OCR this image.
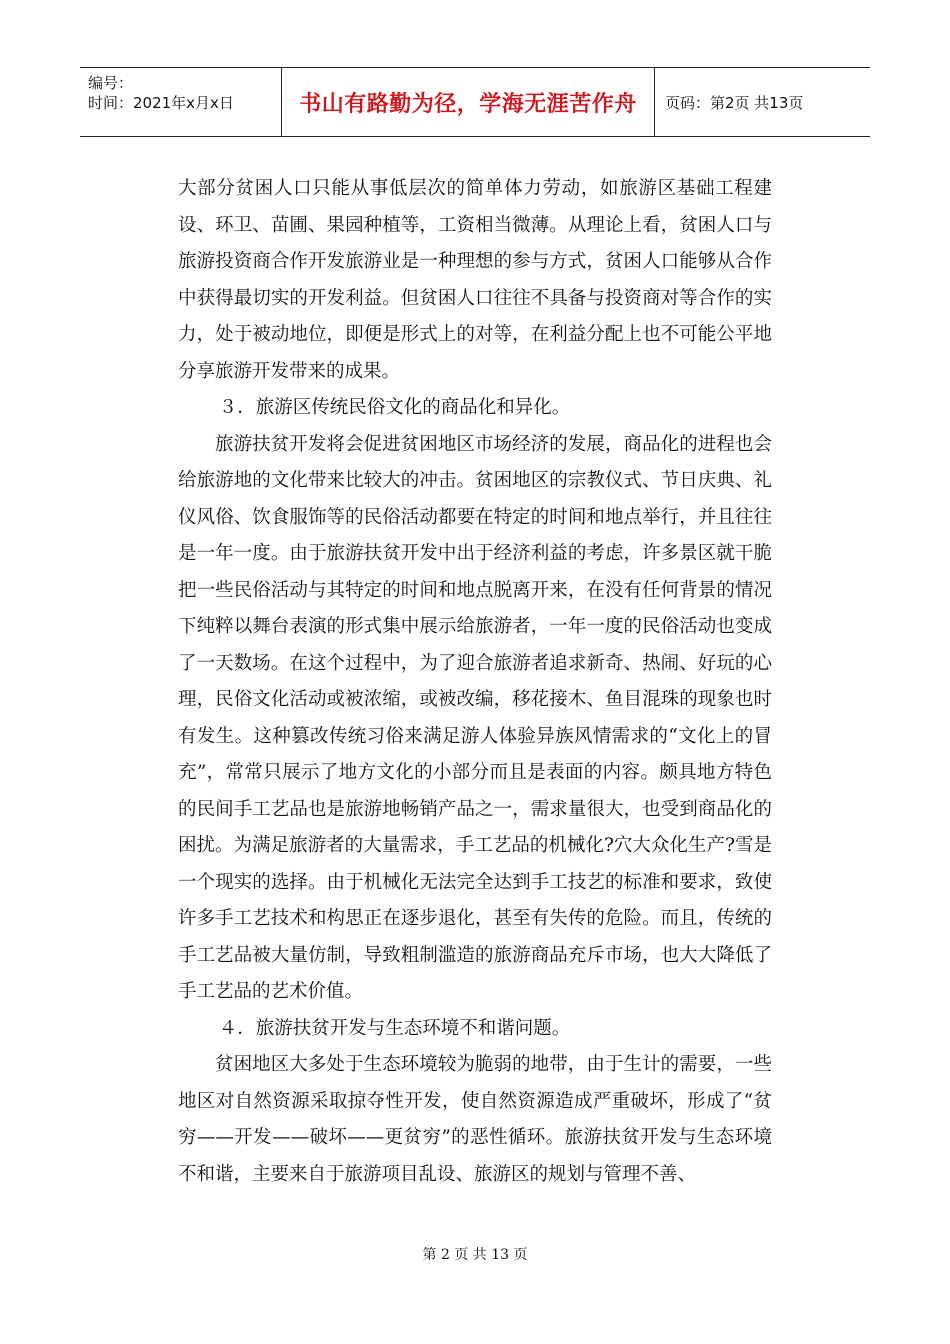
编号：
时间：2021年x月x日	书山有路勤为径，学海无涯苦作舟 页码：第2页 共13页

大部分贫困人口只能从事低层次的简单体力劳动，如旅游区基础工程建设、环卫、苗圃、果园种植等，工资相当微薄。从理论上看，贫困人口与旅游投资商合作开发旅游业是一种理想的参与方式，贫困人口能够从合作中获得最切实的开发利益。但贫困人口往往不具备与投资商对等合作的实力，处于被动地位，即便是形式上的对等，在利益分配上也不可能公平地分享旅游开发带来的成果。

３．旅游区传统民俗文化的商品化和异化。

旅游扶贫开发将会促进贫困地区市场经济的发展，商品化的进程也会给旅游地的文化带来比较大的冲击。贫困地区的宗教仪式、节日庆典、礼仪风俗、饮食服饰等的民俗活动都要在特定的时间和地点举行，并且往往是一年一度。由于旅游扶贫开发中出于经济利益的考虑，许多景区就干脆把一些民俗活动与其特定的时间和地点脱离开来，在没有任何背景的情况下纯粹以舞台表演的形式集中展示给旅游者，一年一度的民俗活动也变成了一天数场。在这个过程中，为了迎合旅游者追求新奇、热闹、好玩的心理，民俗文化活动或被浓缩，或被改编，移花接木、鱼目混珠的现象也时有发生。这种篡改传统习俗来满足游人体验异族风情需求的“文化上的冒充”，常常只展示了地方文化的小部分而且是表面的内容。颇具地方特色的民间手工艺品也是旅游地畅销产品之一，需求量很大，也受到商品化的困扰。为满足旅游者的大量需求，手工艺品的机械化?穴大众化生产?雪是一个现实的选择。由于机械化无法完全达到手工技艺的标准和要求，致使许多手工艺技术和构思正在逐步退化，甚至有失传的危险。而且，传统的手工艺品被大量仿制，导致粗制滥造的旅游商品充斥市场，也大大降低了手工艺品的艺术价值。

４．旅游扶贫开发与生态环境不和谐问题。

贫困地区大多处于生态环境较为脆弱的地带，由于生计的需要，一些地区对自然资源采取掠夺性开发，使自然资源造成严重破坏，形成了“贫穷——开发——破坏——更贫穷”的恶性循环。旅游扶贫开发与生态环境不和谐，主要来自于旅游项目乱设、旅游区的规划与管理不善、

第 2 页 共 13 页
